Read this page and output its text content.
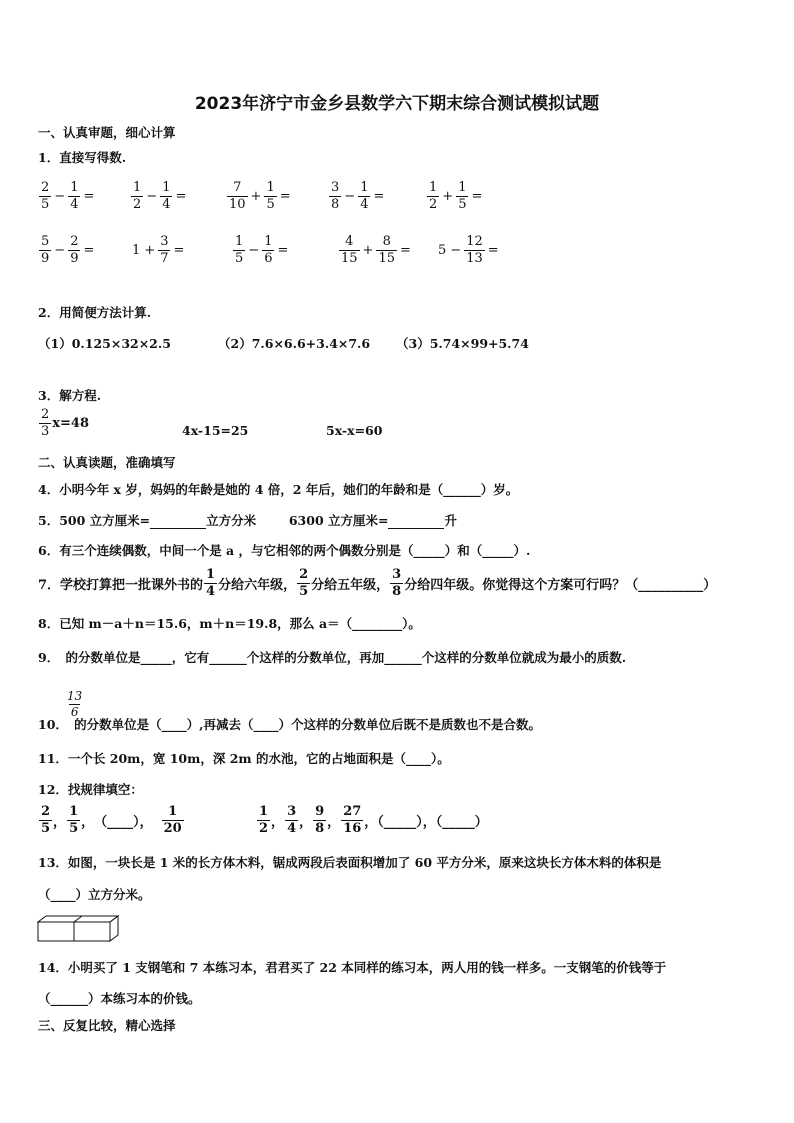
2023年济宁市金乡县数学六下期末综合测试模拟试题
一、认真审题，细心计算
1．直接写得数.
2
5
− $\frac{1}{4}$ =
1
2
− $\frac{1}{4}$ =
7
10
+ $\frac{1}{5}$ =
3
8
− $\frac{1}{4}$ =
1
2
+ $\frac{1}{5}$ =
5
9
− $\frac{2}{9}$ =	$1 + \frac{3}{7}$ =
1
5
− $\frac{1}{6}$ =
4
15
+ $\frac{8}{15} = 5 - \frac{12}{13}$ =
2．用简便方法计算.
（1）0.125×32×2.5	（2）7.6×6.6+3.4×7.6 （3）5.74×99+5.74
3．解方程.
2
3
x=48	4x-15=25	5x-x=60
二、认真读题，准确填写
4．小明今年 x 岁，妈妈的年龄是她的 4 倍，2 年后，她们的年龄和是（______）岁。
5．500 立方厘米=	立方分米	6300 立方厘米=	升
6．有三个连续偶数，中间一个是 a ，与它相邻的两个偶数分别是（_____）和（_____）.
7．学校打算把一批课外书的
1
4 分给六年级，
2
5 分给五年级，
3
8 分给四年级。你觉得这个方案可行吗？（__________）
8．已知 m－a＋n＝15.6，m＋n＝19.8，那么 a＝（________）。
9．　的分数单位是_____，它有______个这样的分数单位，再加______个这样的分数单位就成为最小的质数.
13
6
10．　的分数单位是（____）,再减去（____）个这样的分数单位后既不是质数也不是合数。
11．一个长 20m，宽 10m，深 2m 的水池，它的占地面积是（____）。
12．找规律填空：
2
5 ，
1
5 ， （____），
1
20
1
2 ，
3
4 ，
9
8 ，
27
16 ，（_____），（_____）
13．如图，一块长是 1 米的长方体木料，锯成两段后表面积增加了 60 平方分米，原来这块长方体木料的体积是
（____）立方分米。
14．小明买了 1 支钢笔和 7 本练习本，君君买了 22 本同样的练习本，两人用的钱一样多。一支钢笔的价钱等于
（______）本练习本的价钱。
三、反复比较，精心选择
